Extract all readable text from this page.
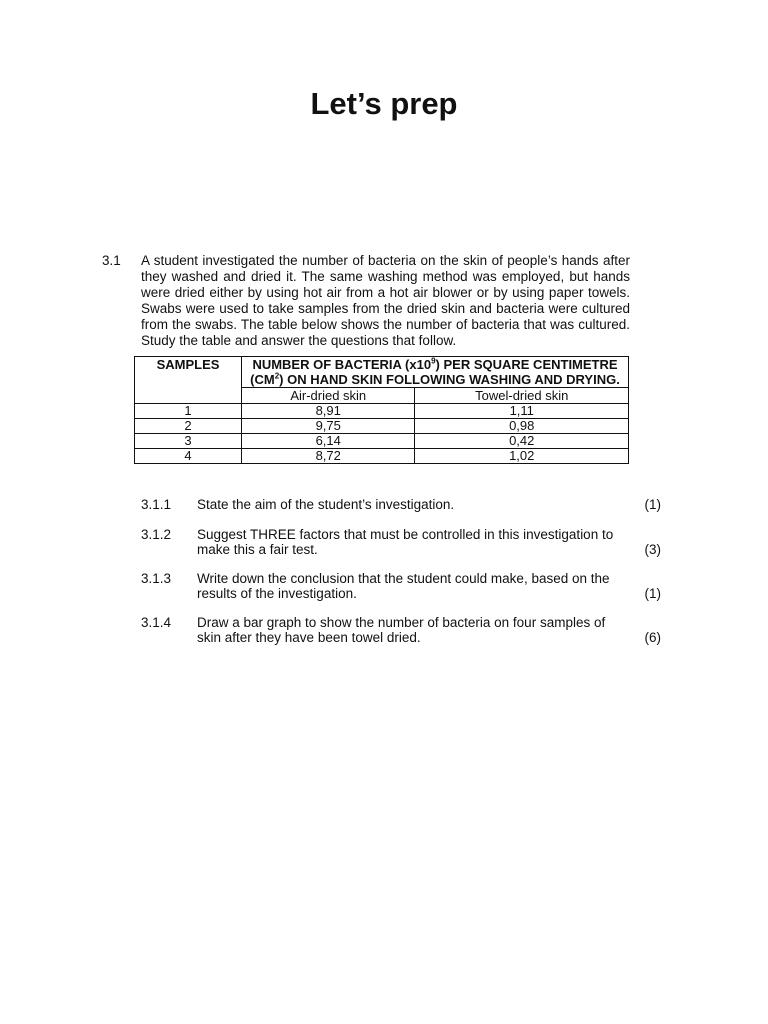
Let’s prep
3.1 A student investigated the number of bacteria on the skin of people’s hands after they washed and dried it. The same washing method was employed, but hands were dried either by using hot air from a hot air blower or by using paper towels. Swabs were used to take samples from the dried skin and bacteria were cultured from the swabs. The table below shows the number of bacteria that was cultured. Study the table and answer the questions that follow.

SAMPLES	NUMBER OF BACTERIA $(x10^9)$ PER SQUARE CENTIMETRE $(CM^2)$ ON HAND SKIN FOLLOWING WASHING AND DRYING.	
	Air-dried skin	Towel-dried skin
1	8,91	1,11
2	9,75	0,98
3	6,14	0,42
4	8,72	1,02
3.1.1 State the aim of the student’s investigation.	(1)
3.1.2 Suggest THREE factors that must be controlled in this investigation to make this a fair test.	(3)
3.1.3 Write down the conclusion that the student could make, based on the results of the investigation.	(1)
3.1.4 Draw a bar graph to show the number of bacteria on four samples of skin after they have been towel dried.	(6)
